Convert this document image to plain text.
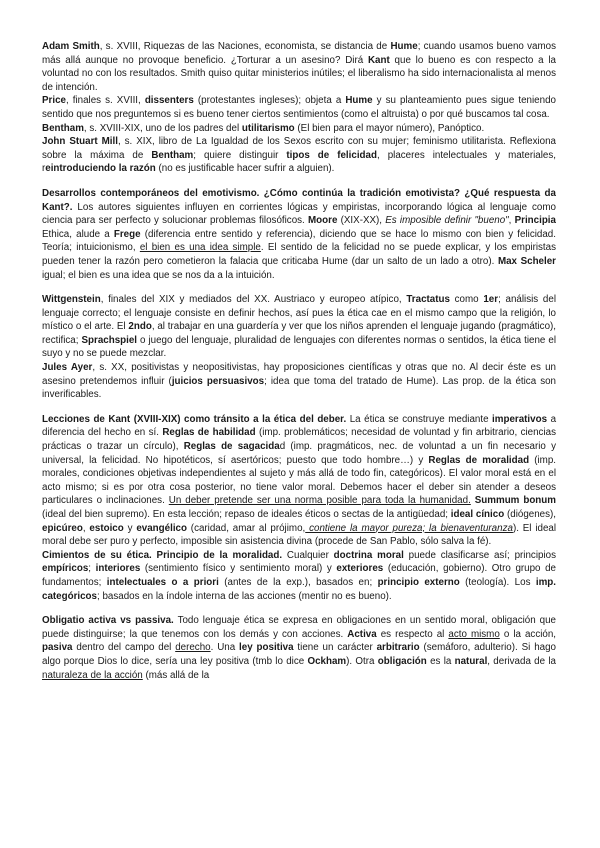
Adam Smith, s. XVIII, Riquezas de las Naciones, economista, se distancia de Hume; cuando usamos bueno vamos más allá aunque no provoque beneficio. ¿Torturar a un asesino? Dirá Kant que lo bueno es con respecto a la voluntad no con los resultados. Smith quiso quitar ministerios inútiles; el liberalismo ha sido internacionalista al menos de intención.

Price, finales s. XVIII, dissenters (protestantes ingleses); objeta a Hume y su planteamiento pues sigue teniendo sentido que nos preguntemos si es bueno tener ciertos sentimientos (como el altruista) o por qué buscamos tal cosa.

Bentham, s. XVIII-XIX, uno de los padres del utilitarismo (El bien para el mayor número), Panóptico.

John Stuart Mill, s. XIX, libro de La Igualdad de los Sexos escrito con su mujer; feminismo utilitarista. Reflexiona sobre la máxima de Bentham; quiere distinguir tipos de felicidad, placeres intelectuales y materiales, reintroduciendo la razón (no es justificable hacer sufrir a alguien).

Desarrollos contemporáneos del emotivismo. ¿Cómo continúa la tradición emotivista? ¿Qué respuesta da Kant?. Los autores siguientes influyen en corrientes lógicas y empiristas, incorporando lógica al lenguaje como ciencia para ser perfecto y solucionar problemas filosóficos. Moore (XIX-XX), Es imposible definir "bueno", Principia Ethica, alude a Frege (diferencia entre sentido y referencia), diciendo que se hace lo mismo con bien y felicidad. Teoría; intuicionismo, el bien es una idea simple. El sentido de la felicidad no se puede explicar, y los empiristas pueden tener la razón pero cometieron la falacia que criticaba Hume (dar un salto de un lado a otro). Max Scheler igual; el bien es una idea que se nos da a la intuición.

Wittgenstein, finales del XIX y mediados del XX. Austriaco y europeo atípico, Tractatus como 1er; análisis del lenguaje correcto; el lenguaje consiste en definir hechos, así pues la ética cae en el mismo campo que la religión, lo místico o el arte. El 2ndo, al trabajar en una guardería y ver que los niños aprenden el lenguaje jugando (pragmático), rectifica; Sprachspiel o juego del lenguaje, pluralidad de lenguajes con diferentes normas o sentidos, la ética tiene el suyo y no se puede mezclar.

Jules Ayer, s. XX, positivistas y neopositivistas, hay proposiciones científicas y otras que no. Al decir éste es un asesino pretendemos influir (juicios persuasivos; idea que toma del tratado de Hume). Las prop. de la ética son inverificables.

Lecciones de Kant (XVIII-XIX) como tránsito a la ética del deber. La ética se construye mediante imperativos a diferencia del hecho en sí. Reglas de habilidad (imp. problemáticos; necesidad de voluntad y fin arbitrario, ciencias prácticas o trazar un círculo), Reglas de sagacidad (imp. pragmáticos, nec. de voluntad a un fin necesario y universal, la felicidad. No hipotéticos, sí asertóricos; puesto que todo hombre…) y Reglas de moralidad (imp. morales, condiciones objetivas independientes al sujeto y más allá de todo fin, categóricos). El valor moral está en el acto mismo; si es por otra cosa posterior, no tiene valor moral. Debemos hacer el deber sin atender a deseos particulares o inclinaciones. Un deber pretende ser una norma posible para toda la humanidad. Summum bonum (ideal del bien supremo). En esta lección; repaso de ideales éticos o sectas de la antigüedad; ideal cínico (diógenes), epicúreo, estoico y evangélico (caridad, amar al prójimo, contiene la mayor pureza; la bienaventuranza). El ideal moral debe ser puro y perfecto, imposible sin asistencia divina (procede de San Pablo, sólo salva la fé).

Cimientos de su ética. Principio de la moralidad. Cualquier doctrina moral puede clasificarse así; principios empíricos; interiores (sentimiento físico y sentimiento moral) y exteriores (educación, gobierno). Otro grupo de fundamentos; intelectuales o a priori (antes de la exp.), basados en; principio externo (teología). Los imp. categóricos; basados en la índole interna de las acciones (mentir no es bueno).

Obligatio activa vs passiva. Todo lenguaje ética se expresa en obligaciones en un sentido moral, obligación que puede distinguirse; la que tenemos con los demás y con acciones. Activa es respecto al acto mismo o la acción, pasiva dentro del campo del derecho. Una ley positiva tiene un carácter arbitrario (semáforo, adulterio). Si hago algo porque Dios lo dice, sería una ley positiva (tmb lo dice Ockham). Otra obligación es la natural, derivada de la naturaleza de la acción (más allá de la
